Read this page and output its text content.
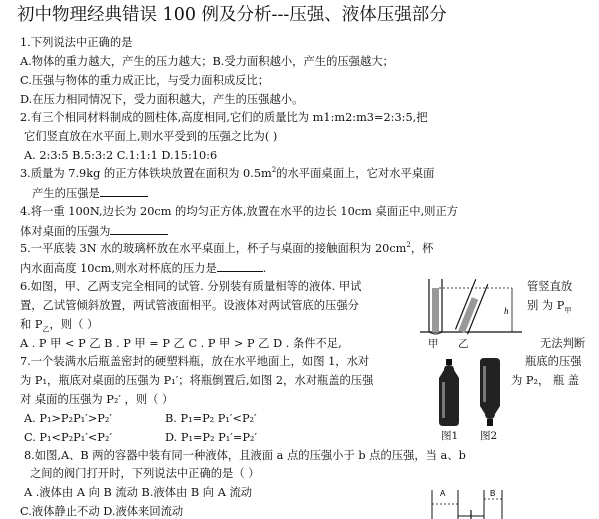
初中物理经典错误 100 例及分析---压强、液体压强部分
1.下列说法中正确的是
A.物体的重力越大，产生的压力越大；B.受力面积越小，产生的压强越大；
C.压强与物体的重力成正比，与受力面积成反比；
D.在压力相同情况下，受力面积越大，产生的压强越小。
2.有三个相同材料制成的圆柱体,高度相同,它们的质量比为 m1:m2:m3=2:3:5,把
它们竖直放在水平面上,则水平受到的压强之比为( )
A. 2:3:5 B.5:3:2 C.1:1:1 D.15:10:6
3.质量为 7.9kg 的正方体铁块放置在面积为 $0.5m^2$的水平面桌面上，它对水平桌面
产生的压强是
4.将一重 100N,边长为 20cm 的均匀正方体,放置在水平的边长 10cm 桌面正中,则正方
体对桌面的压强为
5.一平底装 3N 水的玻璃杯放在水平桌面上，杯子与桌面的接触面积为 $20cm^2$，杯
内水面高度 10cm,则水对杯底的压力是	.
6.如图，甲、乙两支完全相同的试管. 分别装有质量相等的液体. 甲试	管竖直放
置，乙试管倾斜放置，两试管液面相平。设液体对两试管底的压强分	别 为 $P_甲$
和 $P_乙$，则（ ）
A . P 甲 < P 乙 B . P 甲 = P 乙 C . P 甲 > P 乙 D . 条件不足,	无法判断
h
甲 乙
7.一个装满水后瓶盖密封的硬塑料瓶，放在水平地面上，如图 1，水对	瓶底的压强
为 P₁，瓶底对桌面的压强为 P₁′；将瓶倒置后,如图 2，水对瓶盖的压强	为 P₂， 瓶 盖
对 桌面的压强为 P₂′ ，则（ ）
A. P₁>P₂P₁′>P₂′	B. P₁=P₂ P₁′<P₂′
C. P₁<P₂P₁′<P₂′	D. P₁=P₂ P₁′=P₂′	图1 图2
8.如图,A、B 两的容器中装有同一种液体，且液面 a 点的压强小于 b 点的压强，当 a、b
之间的阀门打开时，下列说法中正确的是（ ）
A .液体由 A 向 B 流动 B.液体由 B 向 A 流动
C.液体静止不动 D.液体来回流动
A	B
